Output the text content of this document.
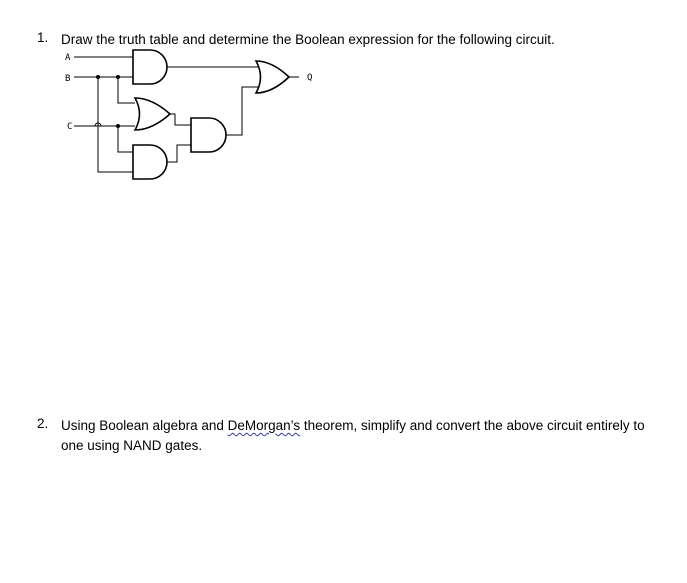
1. Draw the truth table and determine the Boolean expression for the following circuit.
A
B
C
Q
2. Using Boolean algebra and DeMorgan’s theorem, simplify and convert the above circuit entirely to one using NAND gates.
